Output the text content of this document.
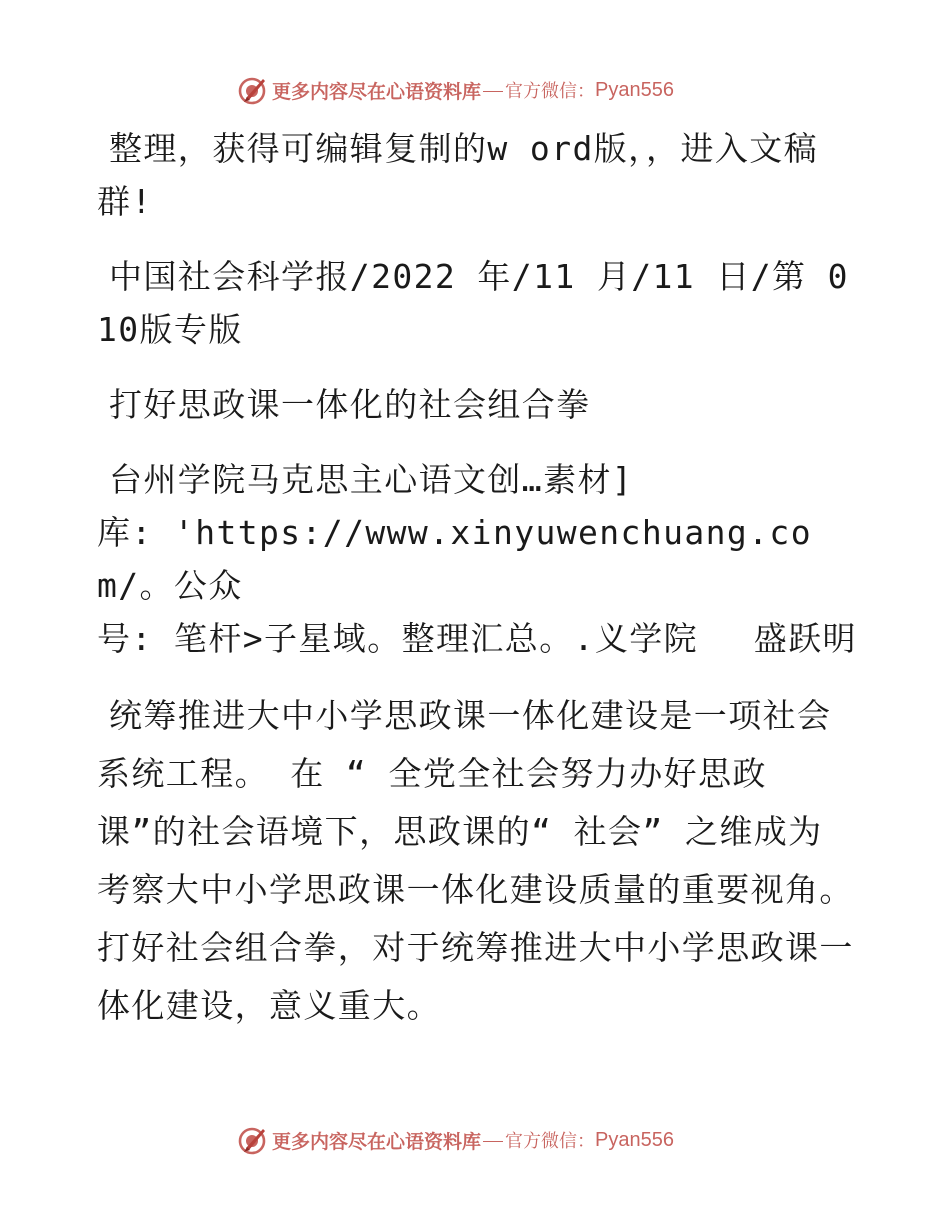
更多内容尽在心语资料库 官方微信： Pyan556

整理，获得可编辑复制的w ord版，，进入文稿群!

中国社会科学报/2022 年/11 月/11 日/第 010版专版

打好思政课一体化的社会组合拳

台州学院马克思主心语文创…素材]
库: 'https://www.xinyuwenchuang.com/。公众
号: 笔杆>子星域。整理汇总。.义学院　 盛跃明
统筹推进大中小学思政课一体化建设是一项社会
系统工程。 在 “ 全党全社会努力办好思政
课”的社会语境下，思政课的“ 社会” 之维成为
考察大中小学思政课一体化建设质量的重要视角。
打好社会组合拳，对于统筹推进大中小学思政课一
体化建设，意义重大。
更多内容尽在心语资料库 官方微信： Pyan556
